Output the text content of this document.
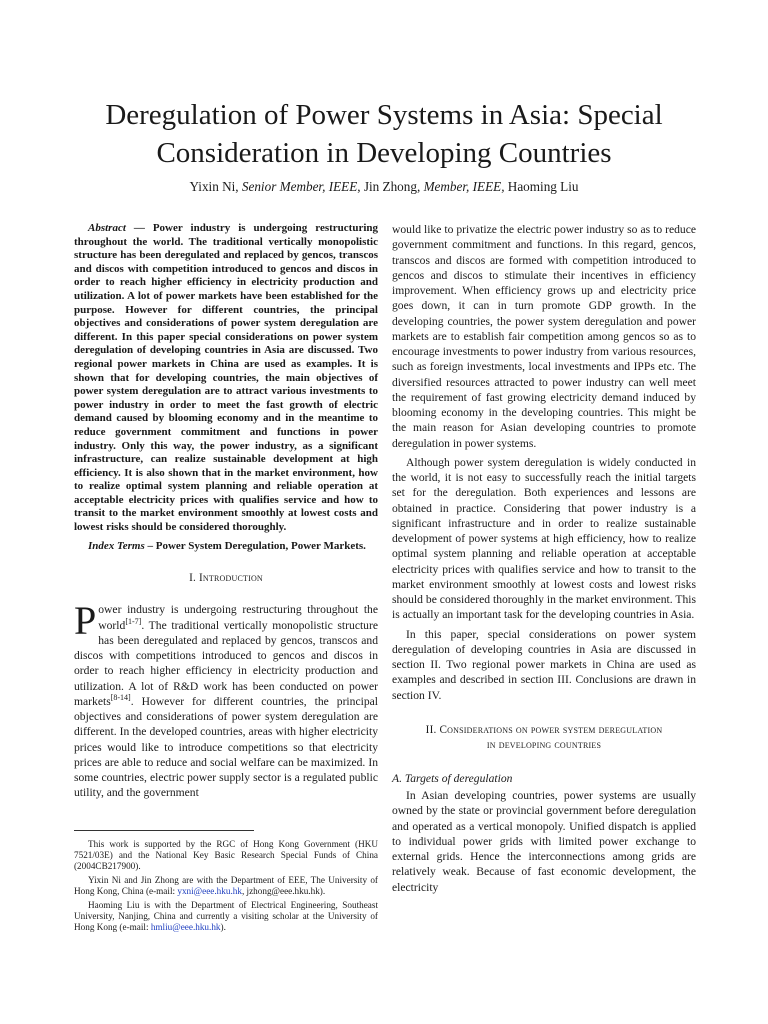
Deregulation of Power Systems in Asia: Special
Consideration in Developing Countries
Yixin Ni, Senior Member, IEEE, Jin Zhong, Member, IEEE, Haoming Liu

Abstract — Power industry is undergoing restructuring throughout the world. The traditional vertically monopolistic structure has been deregulated and replaced by gencos, transcos and discos with competition introduced to gencos and discos in order to reach higher efficiency in electricity production and utilization. A lot of power markets have been established for the purpose. However for different countries, the principal objectives and considerations of power system deregulation are different. In this paper special considerations on power system deregulation of developing countries in Asia are discussed. Two regional power markets in China are used as examples. It is shown that for developing countries, the main objectives of power system deregulation are to attract various investments to power industry in order to meet the fast growth of electric demand caused by blooming economy and in the meantime to reduce government commitment and functions in power industry. Only this way, the power industry, as a significant infrastructure, can realize sustainable development at high efficiency. It is also shown that in the market environment, how to realize optimal system planning and reliable operation at acceptable electricity prices with qualifies service and how to transit to the market environment smoothly at lowest costs and lowest risks should be considered thoroughly.

Index Terms – Power System Deregulation, Power Markets.

I. Introduction

Power industry is undergoing restructuring throughout the world[1-7]. The traditional vertically monopolistic structure has been deregulated and replaced by gencos, transcos and discos with competitions introduced to gencos and discos in order to reach higher efficiency in electricity production and utilization. A lot of R&D work has been conducted on power markets[8-14]. However for different countries, the principal objectives and considerations of power system deregulation are different. In the developed countries, areas with higher electricity prices would like to introduce competitions so that electricity prices are able to reduce and social welfare can be maximized. In some countries, electric power supply sector is a regulated public utility, and the government

This work is supported by the RGC of Hong Kong Government (HKU 7521/03E) and the National Key Basic Research Special Funds of China (2004CB217900).

Yixin Ni and Jin Zhong are with the Department of EEE, The University of Hong Kong, China (e-mail: yxni@eee.hku.hk, jzhong@eee.hku.hk).

Haoming Liu is with the Department of Electrical Engineering, Southeast University, Nanjing, China and currently a visiting scholar at the University of Hong Kong (e-mail: hmliu@eee.hku.hk).

would like to privatize the electric power industry so as to reduce government commitment and functions. In this regard, gencos, transcos and discos are formed with competition introduced to gencos and discos to stimulate their incentives in efficiency improvement. When efficiency grows up and electricity price goes down, it can in turn promote GDP growth. In the developing countries, the power system deregulation and power markets are to establish fair competition among gencos so as to encourage investments to power industry from various resources, such as foreign investments, local investments and IPPs etc. The diversified resources attracted to power industry can well meet the requirement of fast growing electricity demand induced by blooming economy in the developing countries. This might be the main reason for Asian developing countries to promote deregulation in power systems.

Although power system deregulation is widely conducted in the world, it is not easy to successfully reach the initial targets set for the deregulation. Both experiences and lessons are obtained in practice. Considering that power industry is a significant infrastructure and in order to realize sustainable development of power systems at high efficiency, how to realize optimal system planning and reliable operation at acceptable electricity prices with qualifies service and how to transit to the market environment smoothly at lowest costs and lowest risks should be considered thoroughly in the market environment. This is actually an important task for the developing countries in Asia.

In this paper, special considerations on power system deregulation of developing countries in Asia are discussed in section II. Two regional power markets in China are used as examples and described in section III. Conclusions are drawn in section IV.

II. Considerations on power system deregulation
in developing countries
A. Targets of deregulation

In Asian developing countries, power systems are usually owned by the state or provincial government before deregulation and operated as a vertical monopoly. Unified dispatch is applied to individual power grids with limited power exchange to external grids. Hence the interconnections among grids are relatively weak. Because of fast economic development, the electricity
